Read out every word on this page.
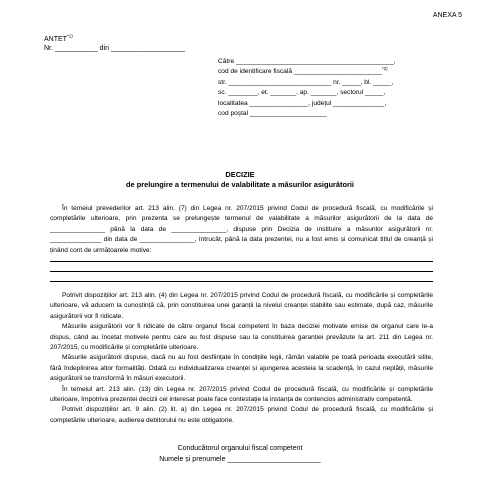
ANEXA 5
ANTET$^{*1)}$
Nr. ___________ din ___________________
Către ___________________________________________,
cod de identificare fiscală ________________________$^{*2)}$
str. ____________________________ nr. _____, bl. _____,
sc. ________, et. _______, ap. _______, sectorul _____,
localitatea ________________, județul ______________,
cod poștal _____________________
DECIZIE
de prelungire a termenului de valabilitate a măsurilor asigurătorii

În temeiul prevederilor art. 213 alin. (7) din Legea nr. 207/2015 privind Codul de procedură fiscală, cu modificările și completările ulterioare, prin prezenta se prelungește termenul de valabilitate a măsurilor asigurătorii de la data de _______________ până la data de _______________, dispuse prin Decizia de instituire a măsurilor asigurătorii nr. ______________ din data de _______________, întrucât, până la data prezentei, nu a fost emis și comunicat titlul de creanță și ținând cont de următoarele motive:

Potrivit dispozițiilor art. 213 alin. (4) din Legea nr. 207/2015 privind Codul de procedură fiscală, cu modificările și completările ulterioare, vă aducem la cunoștință că, prin constituirea unei garanții la nivelul creanței stabilite sau estimate, după caz, măsurile asigurătorii vor fi ridicate.

Măsurile asigurătorii vor fi ridicate de către organul fiscal competent în baza deciziei motivate emise de organul care le-a dispus, când au încetat motivele pentru care au fost dispuse sau la constituirea garanției prevăzute la art. 211 din Legea nr. 207/2015, cu modificările și completările ulterioare.

Măsurile asigurătorii dispuse, dacă nu au fost desființate în condițiile legii, rămân valabile pe toată perioada executării silite, fără îndeplinirea altor formalități. Odată cu individualizarea creanței și ajungerea acesteia la scadență, în cazul neplății, măsurile asigurătorii se transformă în măsuri executorii.

În temeiul art. 213 alin. (13) din Legea nr. 207/2015 privind Codul de procedură fiscală, cu modificările și completările ulterioare, împotriva prezentei decizii cel interesat poate face contestație la instanța de contencios administrativ competentă.

Potrivit dispozițiilor art. 9 alin. (2) lit. a) din Legea nr. 207/2015 privind Codul de procedură fiscală, cu modificările și completările ulterioare, audierea debitorului nu este obligatorie.

Conducătorul organului fiscal competent
Numele și prenumele ________________________
